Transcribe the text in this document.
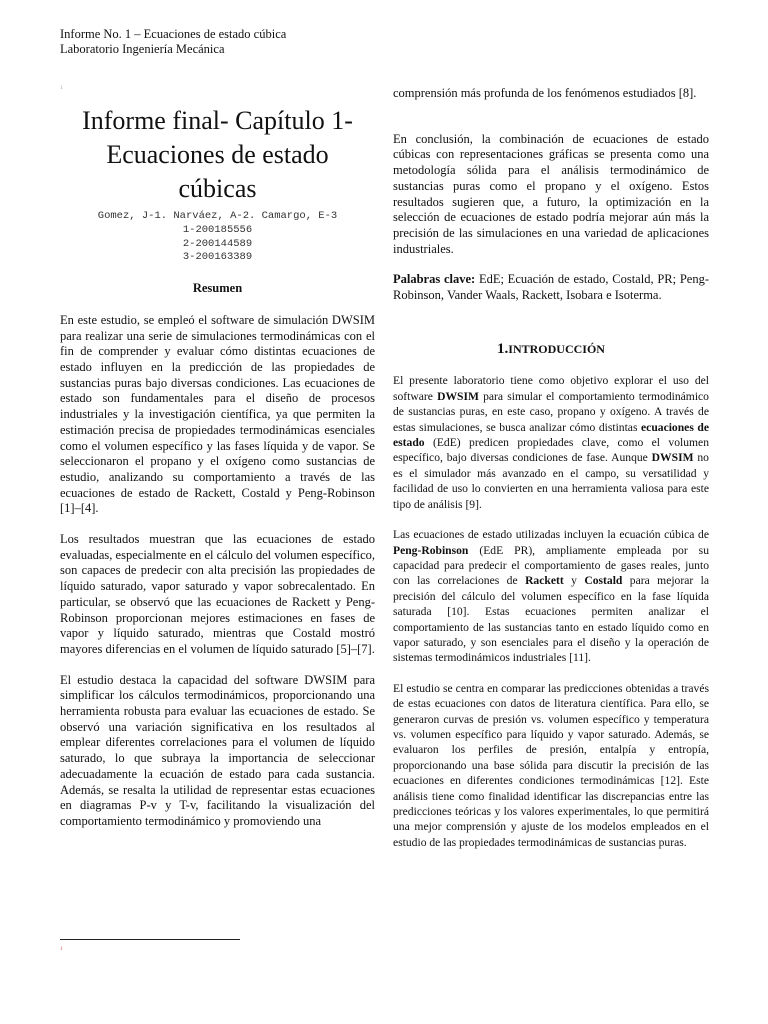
Informe No. 1 – Ecuaciones de estado cúbica
Laboratorio Ingeniería Mecánica
1
Informe final- Capítulo 1-
Ecuaciones de estado
cúbicas
Gomez, J-1. Narváez, A-2. Camargo, E-3
1-200185556
2-200144589
3-200163389
Resumen

En este estudio, se empleó el software de simulación DWSIM para realizar una serie de simulaciones termodinámicas con el fin de comprender y evaluar cómo distintas ecuaciones de estado influyen en la predicción de las propiedades de sustancias puras bajo diversas condiciones. Las ecuaciones de estado son fundamentales para el diseño de procesos industriales y la investigación científica, ya que permiten la estimación precisa de propiedades termodinámicas esenciales como el volumen específico y las fases líquida y de vapor. Se seleccionaron el propano y el oxígeno como sustancias de estudio, analizando su comportamiento a través de las ecuaciones de estado de Rackett, Costald y Peng-Robinson [1]–[4].

Los resultados muestran que las ecuaciones de estado evaluadas, especialmente en el cálculo del volumen específico, son capaces de predecir con alta precisión las propiedades de líquido saturado, vapor saturado y vapor sobrecalentado. En particular, se observó que las ecuaciones de Rackett y Peng-Robinson proporcionan mejores estimaciones en fases de vapor y líquido saturado, mientras que Costald mostró mayores diferencias en el volumen de líquido saturado [5]–[7].

El estudio destaca la capacidad del software DWSIM para simplificar los cálculos termodinámicos, proporcionando una herramienta robusta para evaluar las ecuaciones de estado. Se observó una variación significativa en los resultados al emplear diferentes correlaciones para el volumen de líquido saturado, lo que subraya la importancia de seleccionar adecuadamente la ecuación de estado para cada sustancia. Además, se resalta la utilidad de representar estas ecuaciones en diagramas P-v y T-v, facilitando la visualización del comportamiento termodinámico y promoviendo una

comprensión más profunda de los fenómenos estudiados [8].

En conclusión, la combinación de ecuaciones de estado cúbicas con representaciones gráficas se presenta como una metodología sólida para el análisis termodinámico de sustancias puras como el propano y el oxígeno. Estos resultados sugieren que, a futuro, la optimización en la selección de ecuaciones de estado podría mejorar aún más la precisión de las simulaciones en una variedad de aplicaciones industriales.

Palabras clave: EdE; Ecuación de estado, Costald, PR; Peng-Robinson, Vander Waals, Rackett, Isobara e Isoterma.

1.INTRODUCCIÓN

El presente laboratorio tiene como objetivo explorar el uso del software DWSIM para simular el comportamiento termodinámico de sustancias puras, en este caso, propano y oxígeno. A través de estas simulaciones, se busca analizar cómo distintas ecuaciones de estado (EdE) predicen propiedades clave, como el volumen específico, bajo diversas condiciones de fase. Aunque DWSIM no es el simulador más avanzado en el campo, su versatilidad y facilidad de uso lo convierten en una herramienta valiosa para este tipo de análisis [9].

Las ecuaciones de estado utilizadas incluyen la ecuación cúbica de Peng-Robinson (EdE PR), ampliamente empleada por su capacidad para predecir el comportamiento de gases reales, junto con las correlaciones de Rackett y Costald para mejorar la precisión del cálculo del volumen específico en la fase líquida saturada [10]. Estas ecuaciones permiten analizar el comportamiento de las sustancias tanto en estado líquido como en vapor saturado, y son esenciales para el diseño y la operación de sistemas termodinámicos industriales [11].

El estudio se centra en comparar las predicciones obtenidas a través de estas ecuaciones con datos de literatura científica. Para ello, se generaron curvas de presión vs. volumen específico y temperatura vs. volumen específico para líquido y vapor saturado. Además, se evaluaron los perfiles de presión, entalpía y entropía, proporcionando una base sólida para discutir la precisión de las ecuaciones en diferentes condiciones termodinámicas [12]. Este análisis tiene como finalidad identificar las discrepancias entre las predicciones teóricas y los valores experimentales, lo que permitirá una mejor comprensión y ajuste de los modelos empleados en el estudio de las propiedades termodinámicas de sustancias puras.

1
